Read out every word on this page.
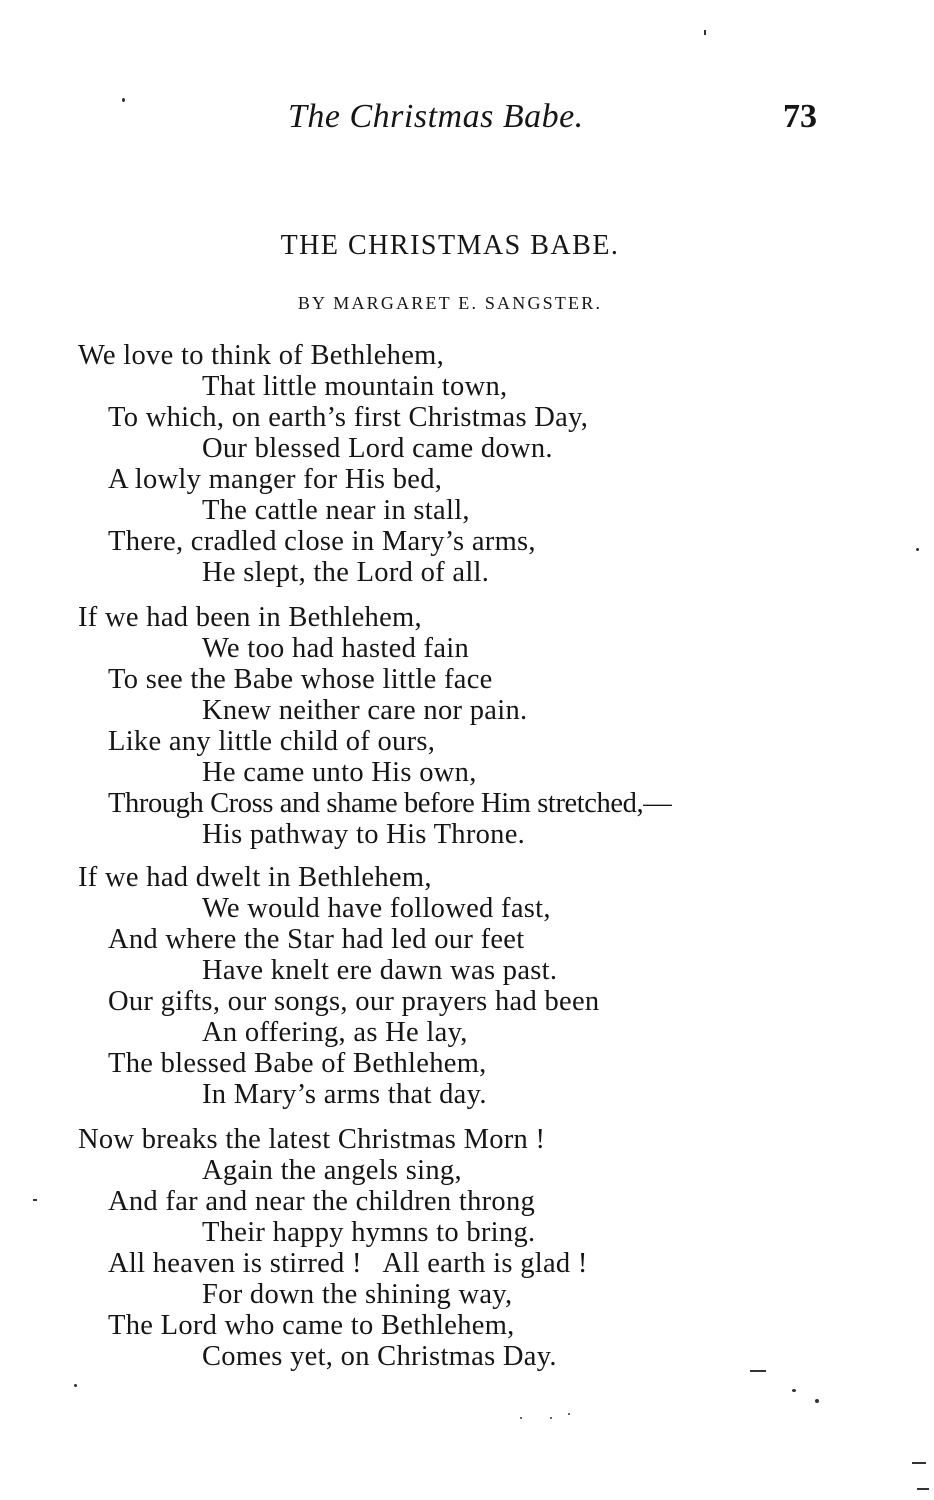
The Christmas Babe.	73
THE CHRISTMAS BABE.
BY MARGARET E. SANGSTER.
We love to think of Bethlehem,
That little mountain town,
To which, on earth’s first Christmas Day,
Our blessed Lord came down.
A lowly manger for His bed,
The cattle near in stall,
There, cradled close in Mary’s arms,
He slept, the Lord of all.
If we had been in Bethlehem,
We too had hasted fain
To see the Babe whose little face
Knew neither care nor pain.
Like any little child of ours,
He came unto His own,
Through Cross and shame before Him stretched,—
His pathway to His Throne.
If we had dwelt in Bethlehem,
We would have followed fast,
And where the Star had led our feet
Have knelt ere dawn was past.
Our gifts, our songs, our prayers had been
An offering, as He lay,
The blessed Babe of Bethlehem,
In Mary’s arms that day.
Now breaks the latest Christmas Morn !
Again the angels sing,
And far and near the children throng
Their happy hymns to bring.
All heaven is stirred !   All earth is glad !
For down the shining way,
The Lord who came to Bethlehem,
Comes yet, on Christmas Day.
